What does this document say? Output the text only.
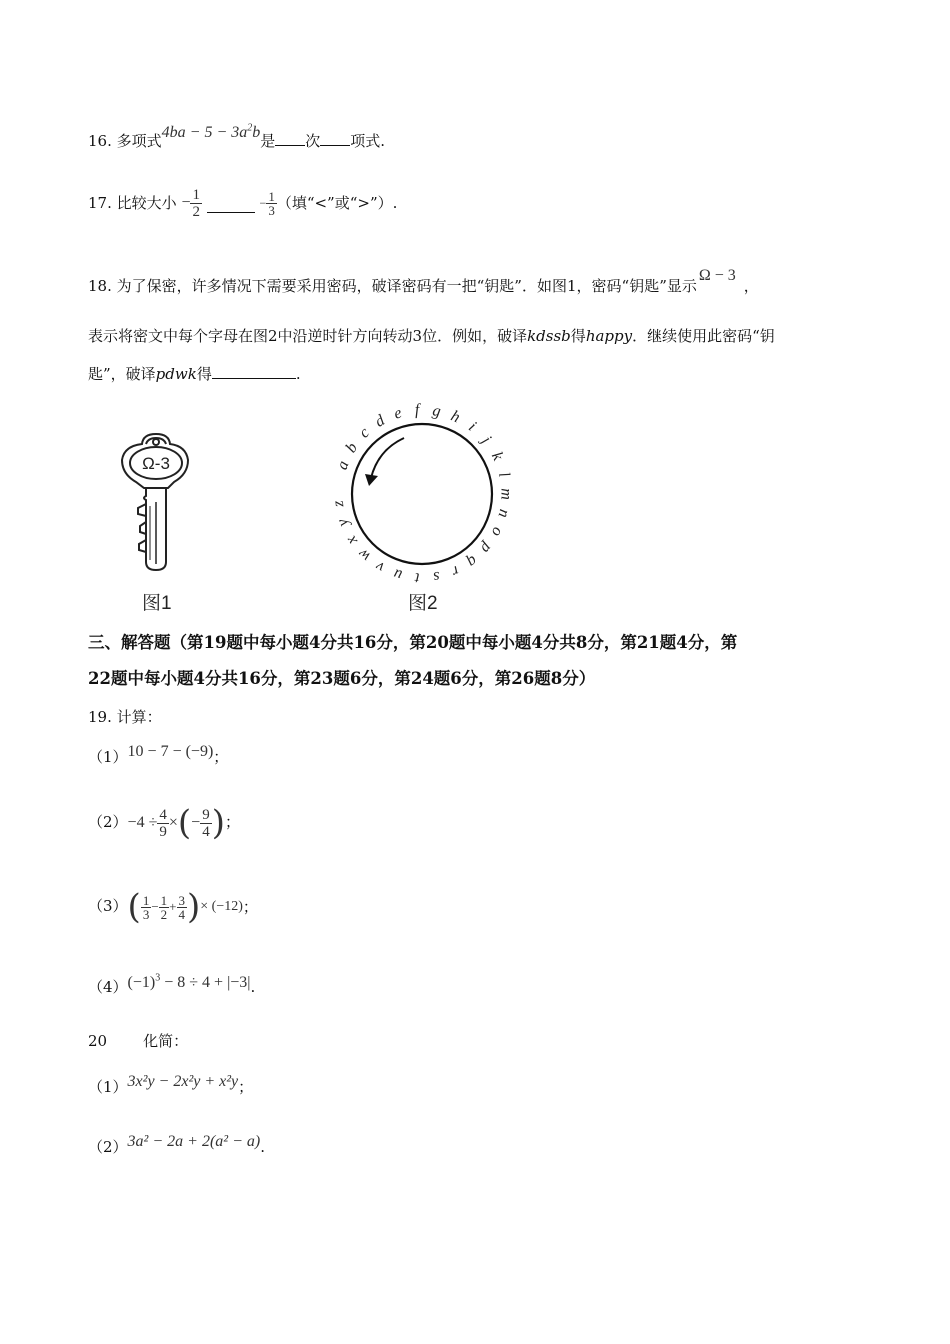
16. 多项式$4ba - 5 - 3a^2b$是 次 项式.
17. 比较大小 − $\frac{1}{2}$	− $\frac{1}{3}$ （填“<”或“>”）.
18. 为了保密，许多情况下需要采用密码，破译密码有一把“钥匙”．如图1，密码“钥匙”显示Ω − 3，
表示将密文中每个字母在图2中沿逆时针方向转动3位．例如，破译kdssb得happy．继续使用此密码“钥
匙”，破译pdwk得	.
Ω-3
图1
a
b
c
d e f g h
i
j
k
l
m
n
o
p
q
r
s
t
u
v
w
x
y
z
图2
三、解答题（第19题中每小题4分共16分，第20题中每小题4分共8分，第21题4分，第
22题中每小题4分共16分，第23题6分，第24题6分，第26题8分）
19. 计算：
（1）10 − 7 − (−9)；
$(2)-4 \div \frac{4}{9}$ ×(− $\frac{9}{4}$ )；
$(3)( \frac{1}{3} - \frac{1}{2} + \frac{3}{4}$ )× (−12)；
$(4)(-1)^3 - 8 \div 4 + |-3|$.
20 化简：
（1）3x²y − 2x²y + x²y；
（2）3a² − 2a + 2(a² − a).
